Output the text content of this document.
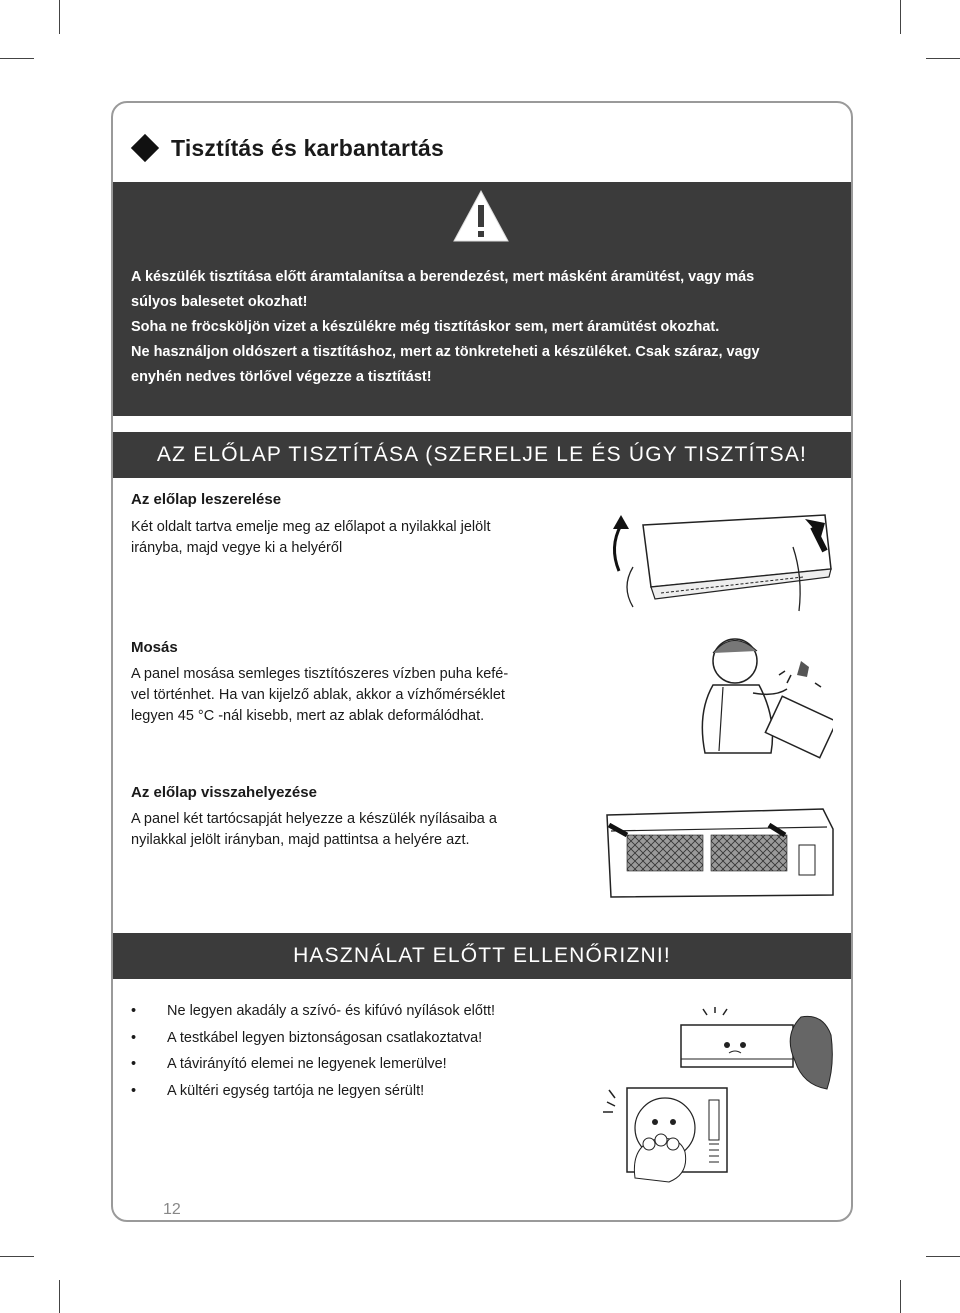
Tisztítás és karbantartás

A készülék tisztítása előtt áramtalanítsa a berendezést, mert másként áramütést, vagy más

súlyos balesetet okozhat!

Soha ne fröcsköljön vizet a készülékre még tisztításkor sem, mert áramütést okozhat.

Ne használjon oldószert a tisztításhoz, mert az tönkreteheti a készüléket. Csak száraz, vagy

enyhén nedves törlővel végezze a tisztítást!

AZ ELŐLAP TISZTÍTÁSA (SZERELJE LE ÉS ÚGY TISZTÍTSA!
Az előlap leszerelése

Két oldalt tartva emelje meg az előlapot a nyilakkal jelölt

irányba, majd vegye ki a helyéről

Mosás

A panel mosása semleges tisztítószeres vízben puha kefé-

vel történhet. Ha van kijelző ablak, akkor a vízhőmérséklet

legyen 45 °C -nál kisebb, mert az ablak deformálódhat.

Az előlap visszahelyezése

A panel két tartócsapját helyezze a készülék nyílásaiba a

nyilakkal jelölt irányban, majd pattintsa a helyére azt.

HASZNÁLAT ELŐTT ELLENŐRIZNI!
• Ne legyen akadály a szívó- és kifúvó nyílások előtt!
• A testkábel legyen biztonságosan csatlakoztatva!
• A távirányító elemei ne legyenek lemerülve!
• A kültéri egység tartója ne legyen sérült!
12
